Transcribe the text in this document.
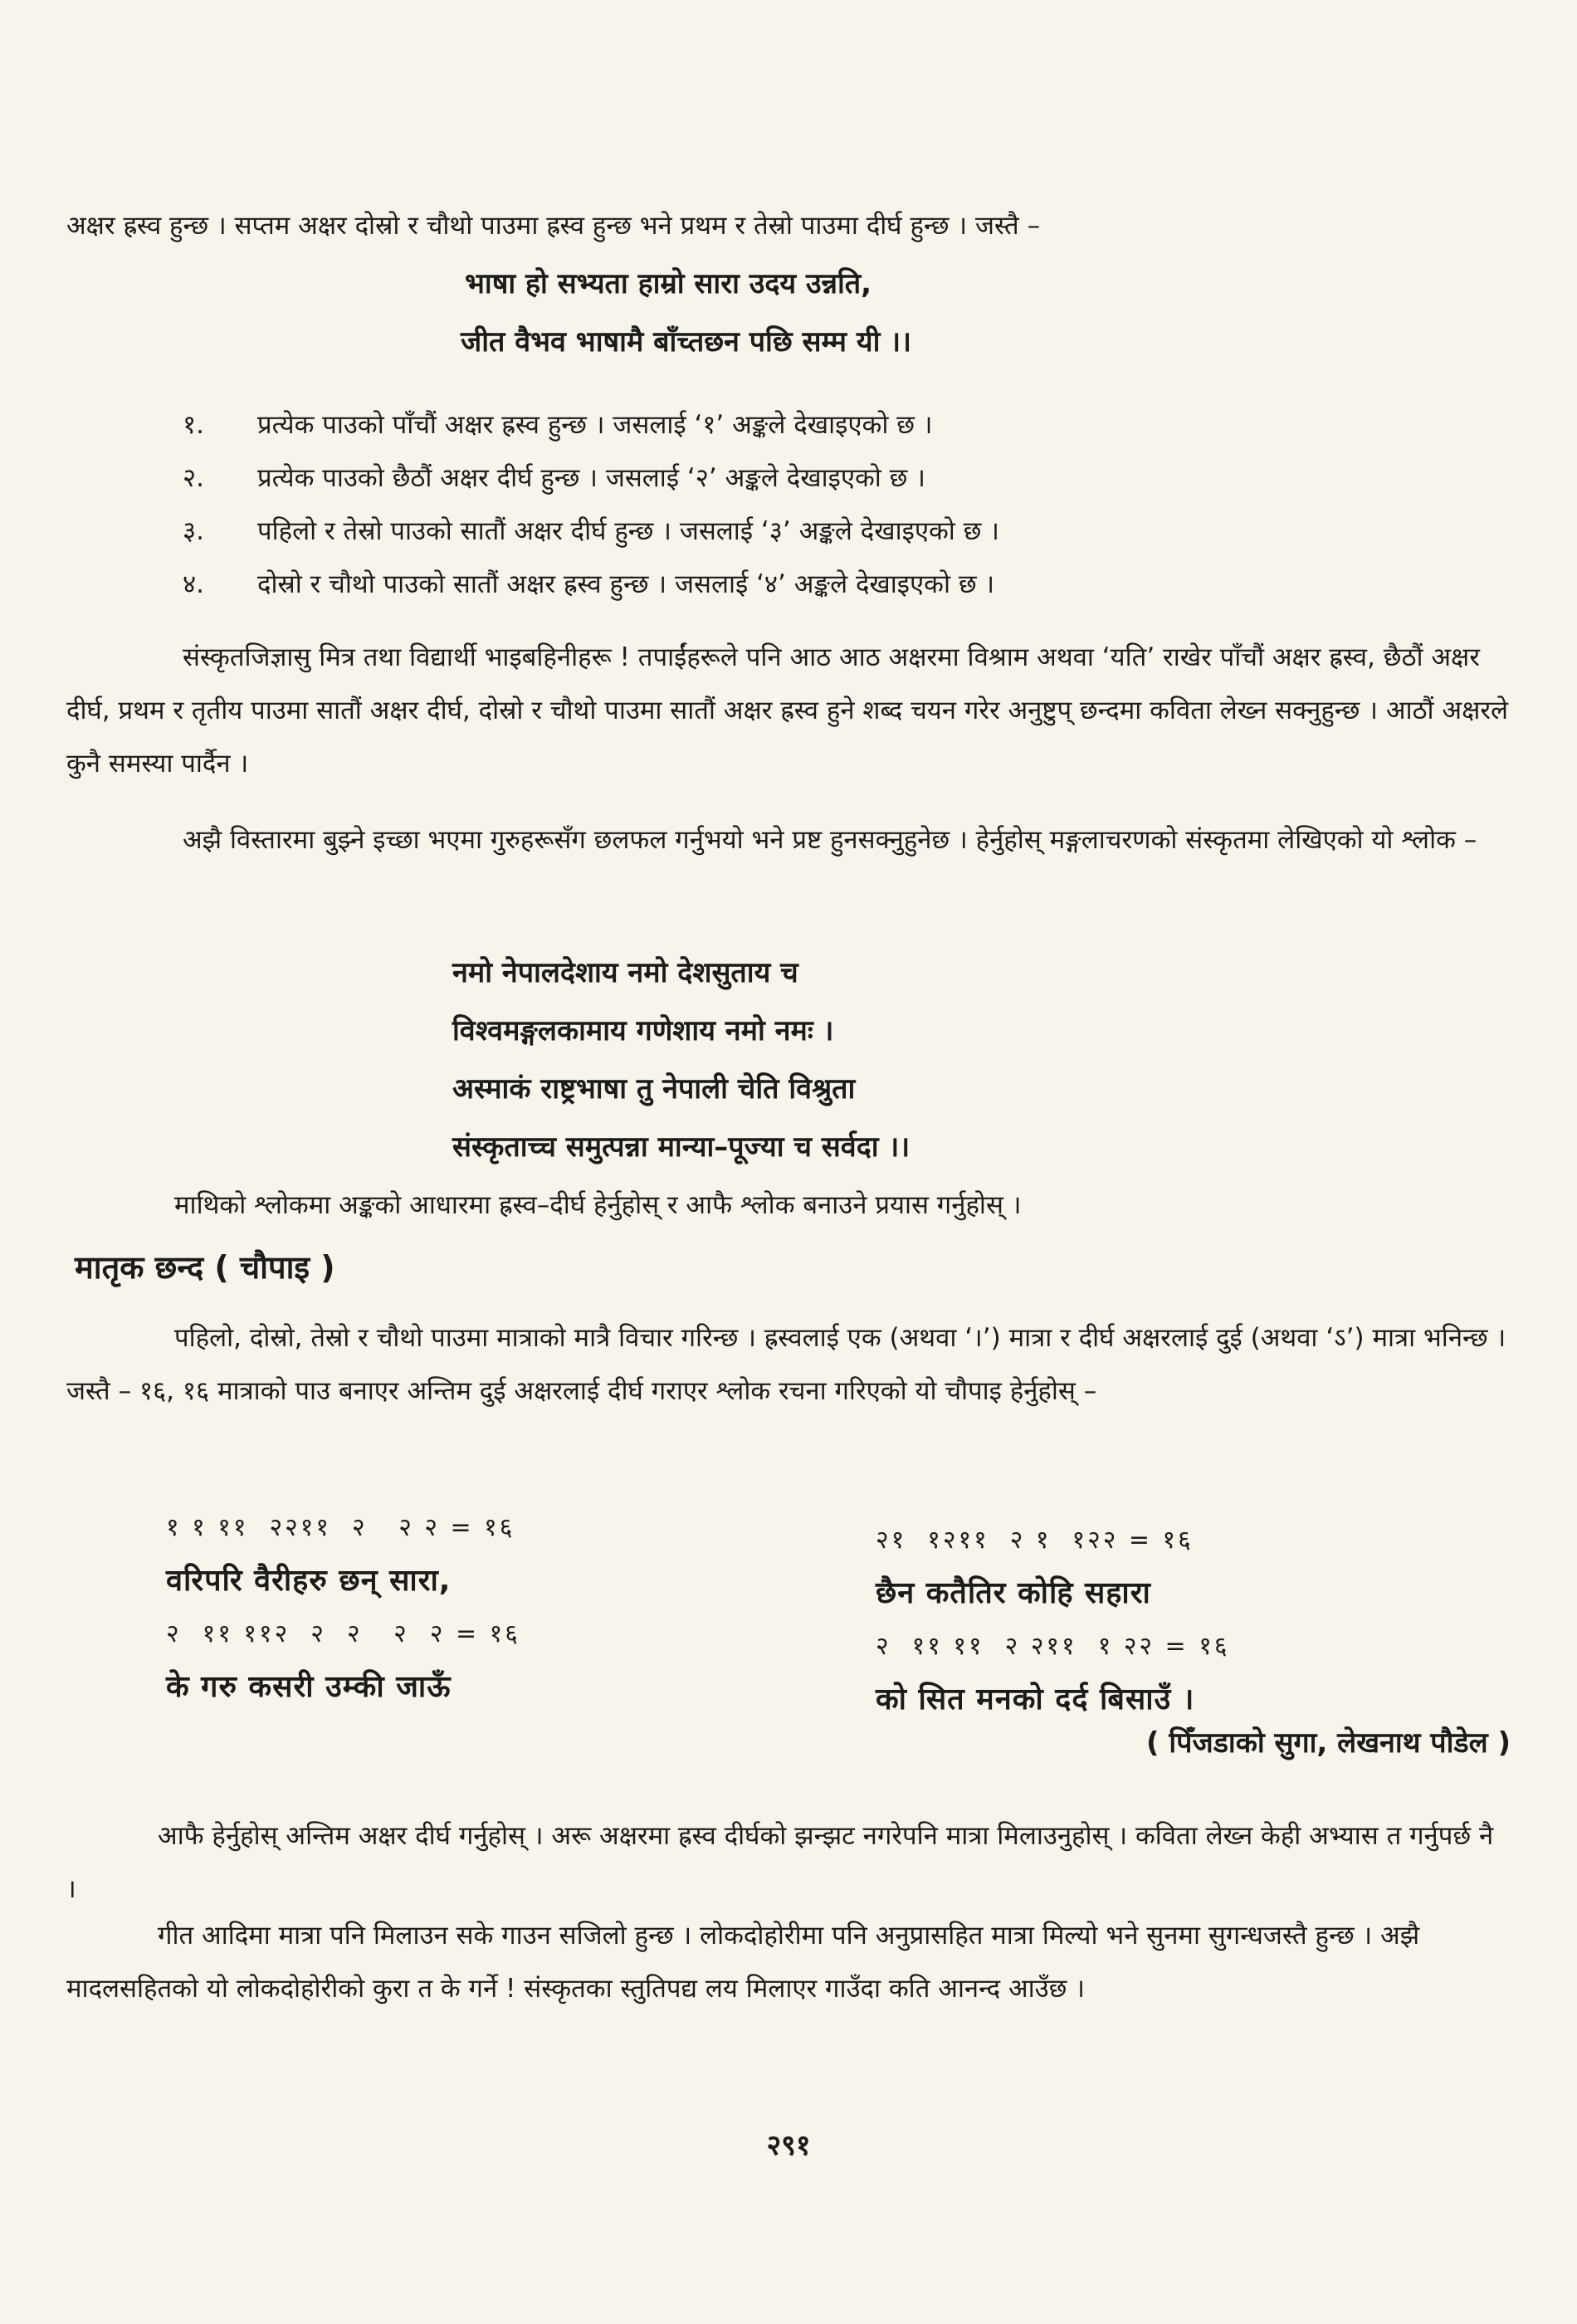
अक्षर ह्रस्व हुन्छ । सप्तम अक्षर दोस्रो र चौथो पाउमा ह्रस्व हुन्छ भने प्रथम र तेस्रो पाउमा दीर्घ हुन्छ । जस्तै –

भाषा हो सभ्यता हाम्रो सारा उदय उन्नति,

जीत वैभव भाषामै बाँच्तछन पछि सम्म यी ।।

१.	प्रत्येक पाउको पाँचौं अक्षर ह्रस्व हुन्छ । जसलाई ‘१’ अङ्कले देखाइएको छ ।
२.	प्रत्येक पाउको छैठौं अक्षर दीर्घ हुन्छ । जसलाई ‘२’ अङ्कले देखाइएको छ ।
३.	पहिलो र तेस्रो पाउको सातौं अक्षर दीर्घ हुन्छ । जसलाई ‘३’ अङ्कले देखाइएको छ ।
४.	दोस्रो र चौथो पाउको सातौं अक्षर ह्रस्व हुन्छ । जसलाई ‘४’ अङ्कले देखाइएको छ ।

संस्कृतजिज्ञासु मित्र तथा विद्यार्थी भाइबहिनीहरू ! तपाईंहरूले पनि आठ आठ अक्षरमा विश्राम अथवा ‘यति’ राखेर पाँचौं अक्षर ह्रस्व, छैठौं अक्षर दीर्घ, प्रथम र तृतीय पाउमा सातौं अक्षर दीर्घ, दोस्रो र चौथो पाउमा सातौं अक्षर ह्रस्व हुने शब्द चयन गरेर अनुष्टुप् छन्दमा कविता लेख्न सक्नुहुन्छ । आठौं अक्षरले कुनै समस्या पार्दैन ।

अझै विस्तारमा बुझ्ने इच्छा भएमा गुरुहरूसँग छलफल गर्नुभयो भने प्रष्ट हुनसक्नुहुनेछ । हेर्नुहोस् मङ्गलाचरणको संस्कृतमा लेखिएको यो श्लोक –

नमो नेपालदेशाय नमो देशसुताय च

विश्वमङ्गलकामाय गणेशाय नमो नमः ।

अस्माकं राष्ट्रभाषा तु नेपाली चेति विश्रुता

संस्कृताच्च समुत्पन्ना मान्या–पूज्या च सर्वदा ।।

माथिको श्लोकमा अङ्कको आधारमा ह्रस्व–दीर्घ हेर्नुहोस् र आफै श्लोक बनाउने प्रयास गर्नुहोस् ।

मातृक छन्द ( चौपाइ )

पहिलो, दोस्रो, तेस्रो र चौथो पाउमा मात्राको मात्रै विचार गरिन्छ । ह्रस्वलाई एक (अथवा ‘।’) मात्रा र दीर्घ अक्षरलाई दुई (अथवा ‘ऽ’) मात्रा भनिन्छ । जस्तै – १६, १६ मात्राको पाउ बनाएर अन्तिम दुई अक्षरलाई दीर्घ गराएर श्लोक रचना गरिएको यो चौपाइ हेर्नुहोस् –

१ १ ११  २२११  २   २ २ = १६
वरिपरि वैरीहरु छन् सारा,
२  ११ ११२  २  २   २  २ = १६
के गरु कसरी उम्की जाऊँ
२१  १२११  २ १  १२२ = १६
छैन कतैतिर कोहि सहारा
२  ११ ११  २ २११  १ २२ = १६
को सित मनको दर्द बिसाउँ ।

( पिँजडाको सुगा, लेखनाथ पौडेल )

आफै हेर्नुहोस् अन्तिम अक्षर दीर्घ गर्नुहोस् । अरू अक्षरमा ह्रस्व दीर्घको झन्झट नगरेपनि मात्रा मिलाउनुहोस् । कविता लेख्न केही अभ्यास त गर्नुपर्छ नै ।

गीत आदिमा मात्रा पनि मिलाउन सके गाउन सजिलो हुन्छ । लोकदोहोरीमा पनि अनुप्रासहित मात्रा मिल्यो भने सुनमा सुगन्धजस्तै हुन्छ । अझै मादलसहितको यो लोकदोहोरीको कुरा त के गर्ने ! संस्कृतका स्तुतिपद्य लय मिलाएर गाउँदा कति आनन्द आउँछ ।

२९१
